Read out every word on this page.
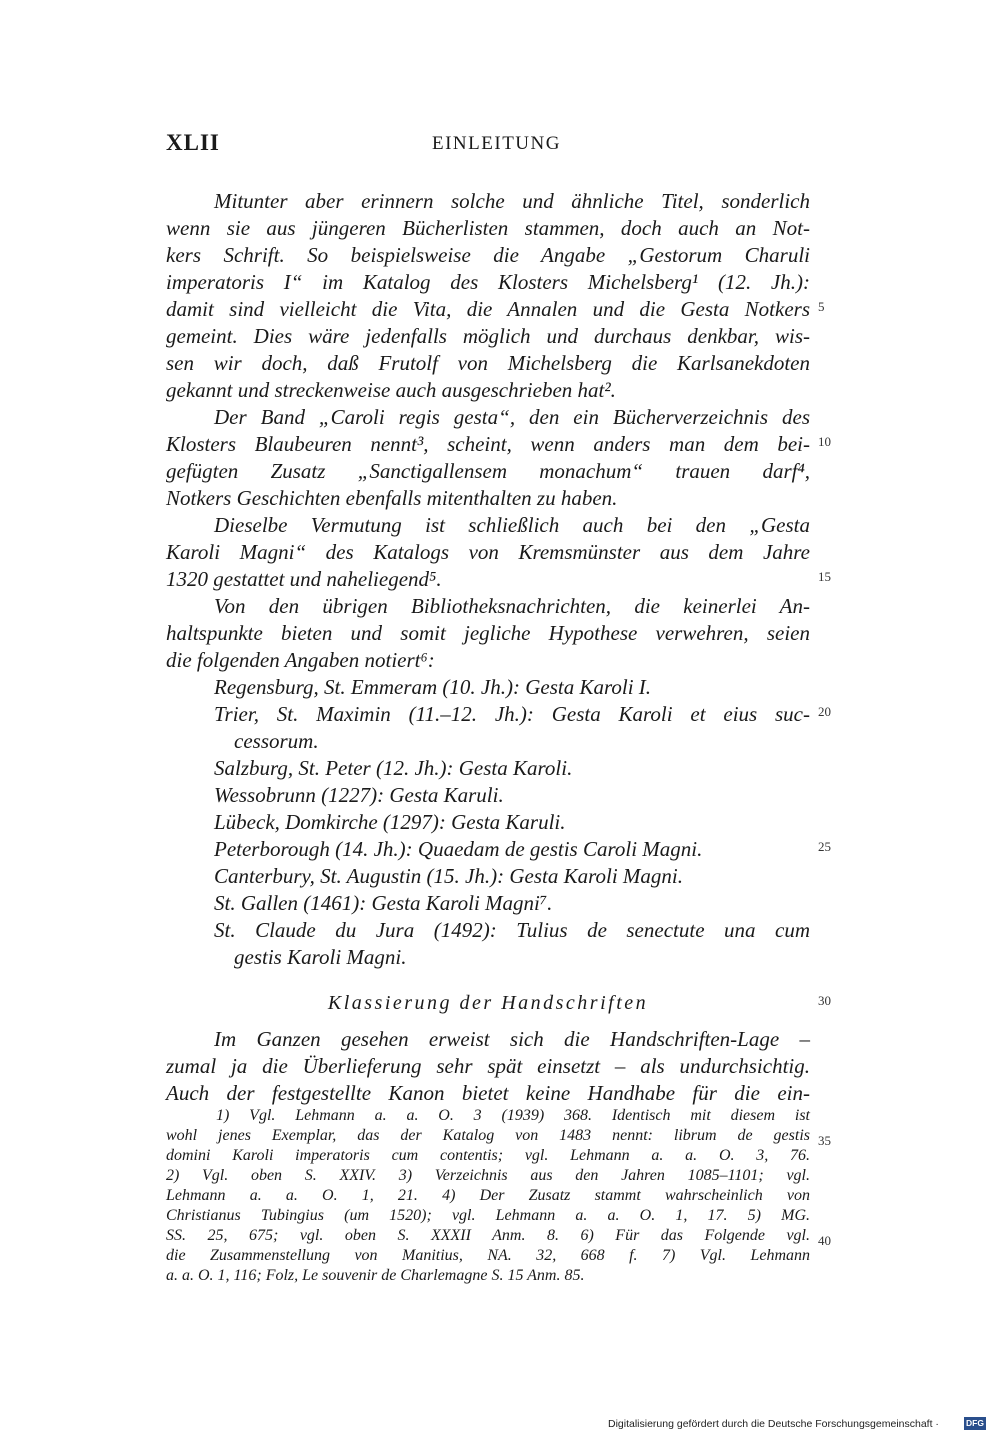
XLII	EINLEITUNG
Mitunter aber erinnern solche und ähnliche Titel, sonderlich
wenn sie aus jüngeren Bücherlisten stammen, doch auch an Not-
kers Schrift. So beispielsweise die Angabe „Gestorum Charuli
imperatoris I“ im Katalog des Klosters Michelsberg¹ (12. Jh.):
damit sind vielleicht die Vita, die Annalen und die Gesta Notkers
gemeint. Dies wäre jedenfalls möglich und durchaus denkbar, wis-
sen wir doch, daß Frutolf von Michelsberg die Karlsanekdoten
gekannt und streckenweise auch ausgeschrieben hat².
Der Band „Caroli regis gesta“, den ein Bücherverzeichnis des
Klosters Blaubeuren nennt³, scheint, wenn anders man dem bei-
gefügten Zusatz „Sanctigallensem monachum“ trauen darf⁴,
Notkers Geschichten ebenfalls mitenthalten zu haben.
Dieselbe Vermutung ist schließlich auch bei den „Gesta
Karoli Magni“ des Katalogs von Kremsmünster aus dem Jahre
1320 gestattet und naheliegend⁵.
Von den übrigen Bibliotheksnachrichten, die keinerlei An-
haltspunkte bieten und somit jegliche Hypothese verwehren, seien
die folgenden Angaben notiert⁶:
Regensburg, St. Emmeram (10. Jh.): Gesta Karoli I.
Trier, St. Maximin (11.–12. Jh.): Gesta Karoli et eius suc-
cessorum.
Salzburg, St. Peter (12. Jh.): Gesta Karoli.
Wessobrunn (1227): Gesta Karuli.
Lübeck, Domkirche (1297): Gesta Karuli.
Peterborough (14. Jh.): Quaedam de gestis Caroli Magni.
Canterbury, St. Augustin (15. Jh.): Gesta Karoli Magni.
St. Gallen (1461): Gesta Karoli Magni⁷.
St. Claude du Jura (1492): Tulius de senectute una cum
gestis Karoli Magni.
Klassierung der Handschriften
Im Ganzen gesehen erweist sich die Handschriften-Lage –
zumal ja die Überlieferung sehr spät einsetzt – als undurchsichtig.
Auch der festgestellte Kanon bietet keine Handhabe für die ein-
5
10
15
20
25
30
35
40
1) Vgl. Lehmann a. a. O. 3 (1939) 368. Identisch mit diesem ist
wohl jenes Exemplar, das der Katalog von 1483 nennt: librum de gestis
domini Karoli imperatoris cum contentis; vgl. Lehmann a. a. O. 3, 76.
2) Vgl. oben S. XXIV. 3) Verzeichnis aus den Jahren 1085–1101; vgl.
Lehmann a. a. O. 1, 21. 4) Der Zusatz stammt wahrscheinlich von
Christianus Tubingius (um 1520); vgl. Lehmann a. a. O. 1, 17. 5) MG.
SS. 25, 675; vgl. oben S. XXXII Anm. 8. 6) Für das Folgende vgl.
die Zusammenstellung von Manitius, NA. 32, 668 f. 7) Vgl. Lehmann
a. a. O. 1, 116; Folz, Le souvenir de Charlemagne S. 15 Anm. 85.
Digitalisierung gefördert durch die Deutsche Forschungsgemeinschaft ·	DFG
